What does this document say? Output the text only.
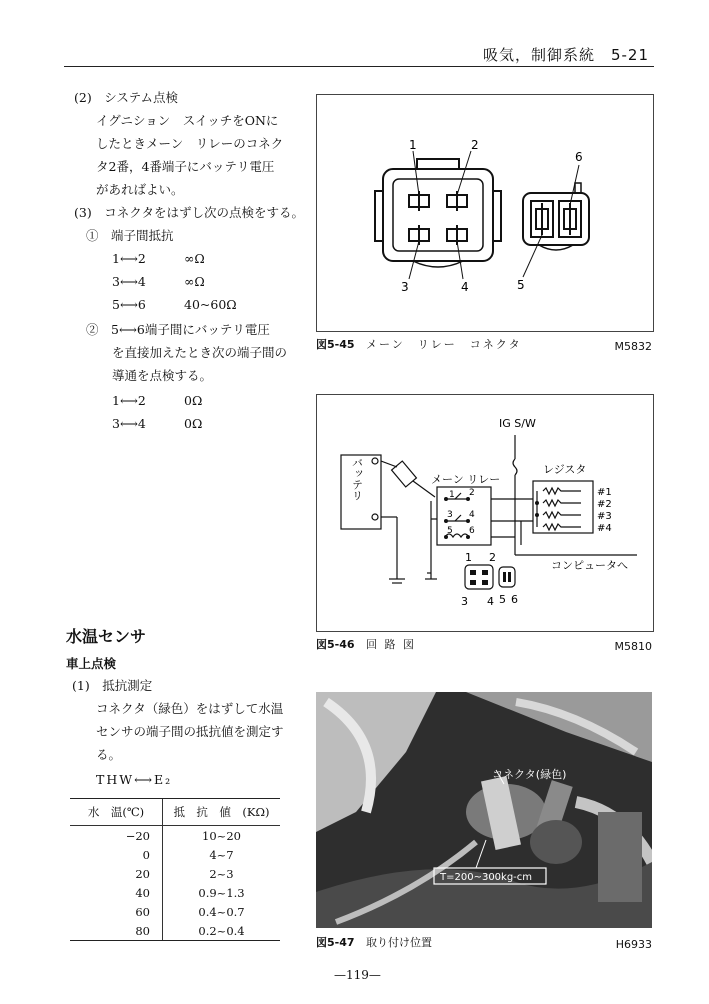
吸気，制御系統　5-21
(2)　システム点検
イグニション　スイッチをONに
したときメーン　リレーのコネク
タ2番，4番端子にバッテリ電圧
があればよい。
(3)　コネクタをはずし次の点検をする。
①　端子間抵抗
1⟷2	∞Ω
3⟷4	∞Ω
5⟷6	40~60Ω
②　5⟷6端子間にバッテリ電圧
を直接加えたとき次の端子間の
導通を点検する。
1⟷2	0Ω
3⟷4	0Ω
水温センサ
車上点検
(1)　抵抗測定
コネクタ（緑色）をはずして水温
センサの端子間の抵抗値を測定す
る。
THW⟷E₂
水　温(℃)	抵　抗　値　(KΩ)
−20	10~20
0	4~7
20	2~3
40	0.9~1.3
60	0.4~0.7
80	0.2~0.4
1	2
3	4	5
6
図5-45 メーン　リレー　コネクタ	M5832
IG S/W
バッテリ	メーン リレー
レジスタ
#1
#2
#3
#4
コンピュータへ
1 2
3 4 5 6
1 2
3 4
5 6
図5-46 回 路 図	M5810
コネクタ(緑色)
T=200~300kg-cm
図5-47 取り付け位置	H6933
—119—
